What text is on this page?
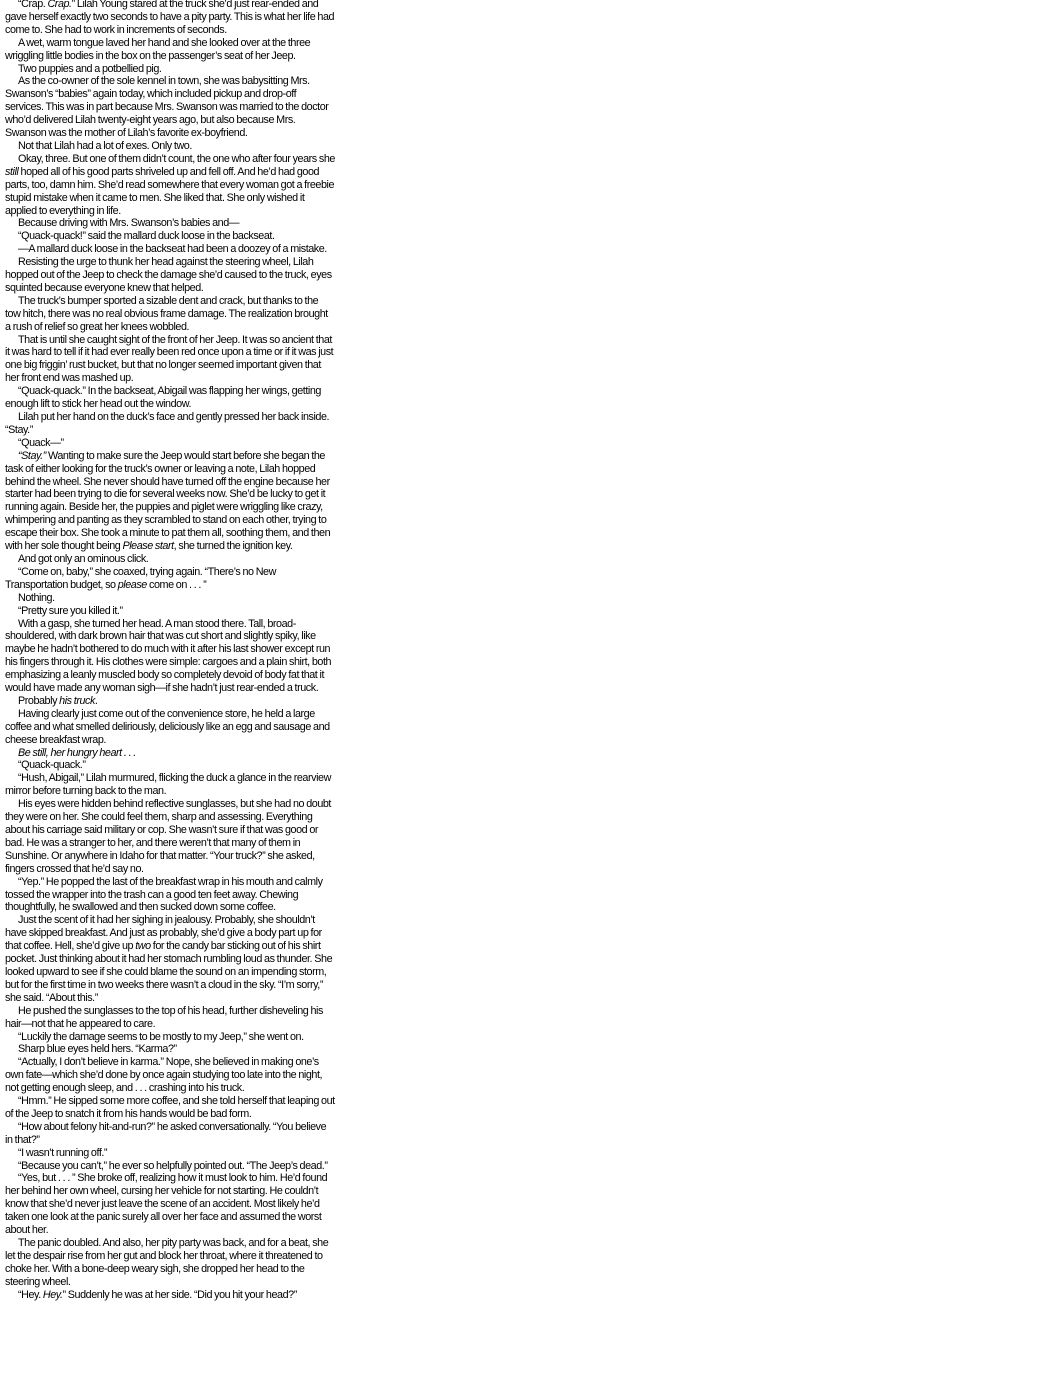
“Crap. Crap.” Lilah Young stared at the truck she’d just rear-ended and gave herself exactly two seconds to have a pity party. This is what her life had come to. She had to work in increments of seconds.

A wet, warm tongue laved her hand and she looked over at the three wriggling little bodies in the box on the passenger’s seat of her Jeep.

Two puppies and a potbellied pig.

As the co-owner of the sole kennel in town, she was babysitting Mrs. Swanson’s “babies” again today, which included pickup and drop-off services. This was in part because Mrs. Swanson was married to the doctor who’d delivered Lilah twenty-eight years ago, but also because Mrs. Swanson was the mother of Lilah’s favorite ex-boyfriend.

Not that Lilah had a lot of exes. Only two.

Okay, three. But one of them didn’t count, the one who after four years she still hoped all of his good parts shriveled up and fell off. And he’d had good parts, too, damn him. She’d read somewhere that every woman got a freebie stupid mistake when it came to men. She liked that. She only wished it applied to everything in life.

Because driving with Mrs. Swanson’s babies and—

“Quack-quack!” said the mallard duck loose in the backseat.

—A mallard duck loose in the backseat had been a doozey of a mistake.

Resisting the urge to thunk her head against the steering wheel, Lilah hopped out of the Jeep to check the damage she’d caused to the truck, eyes squinted because everyone knew that helped.

The truck’s bumper sported a sizable dent and crack, but thanks to the tow hitch, there was no real obvious frame damage. The realization brought a rush of relief so great her knees wobbled.

That is until she caught sight of the front of her Jeep. It was so ancient that it was hard to tell if it had ever really been red once upon a time or if it was just one big friggin’ rust bucket, but that no longer seemed important given that her front end was mashed up.

“Quack-quack.” In the backseat, Abigail was flapping her wings, getting enough lift to stick her head out the window.

Lilah put her hand on the duck’s face and gently pressed her back inside. “Stay.”

“Quack—”

“Stay.” Wanting to make sure the Jeep would start before she began the task of either looking for the truck’s owner or leaving a note, Lilah hopped behind the wheel. She never should have turned off the engine because her starter had been trying to die for several weeks now. She’d be lucky to get it running again. Beside her, the puppies and piglet were wriggling like crazy, whimpering and panting as they scrambled to stand on each other, trying to escape their box. She took a minute to pat them all, soothing them, and then with her sole thought being Please start, she turned the ignition key.

And got only an ominous click.

“Come on, baby,” she coaxed, trying again. “There’s no New Transportation budget, so please come on . . . ”

Nothing.

“Pretty sure you killed it.”

With a gasp, she turned her head. A man stood there. Tall, broad-shouldered, with dark brown hair that was cut short and slightly spiky, like maybe he hadn’t bothered to do much with it after his last shower except run his fingers through it. His clothes were simple: cargoes and a plain shirt, both emphasizing a leanly muscled body so completely devoid of body fat that it would have made any woman sigh—if she hadn’t just rear-ended a truck.

Probably his truck.

Having clearly just come out of the convenience store, he held a large coffee and what smelled deliriously, deliciously like an egg and sausage and cheese breakfast wrap.

Be still, her hungry heart . . .

“Quack-quack.”

“Hush, Abigail,” Lilah murmured, flicking the duck a glance in the rearview mirror before turning back to the man.

His eyes were hidden behind reflective sunglasses, but she had no doubt they were on her. She could feel them, sharp and assessing. Everything about his carriage said military or cop. She wasn’t sure if that was good or bad. He was a stranger to her, and there weren’t that many of them in Sunshine. Or anywhere in Idaho for that matter. “Your truck?” she asked, fingers crossed that he’d say no.

“Yep.” He popped the last of the breakfast wrap in his mouth and calmly tossed the wrapper into the trash can a good ten feet away. Chewing thoughtfully, he swallowed and then sucked down some coffee.

Just the scent of it had her sighing in jealousy. Probably, she shouldn’t have skipped breakfast. And just as probably, she’d give a body part up for that coffee. Hell, she’d give up two for the candy bar sticking out of his shirt pocket. Just thinking about it had her stomach rumbling loud as thunder. She looked upward to see if she could blame the sound on an impending storm, but for the first time in two weeks there wasn’t a cloud in the sky. “I’m sorry,” she said. “About this.”

He pushed the sunglasses to the top of his head, further disheveling his hair—not that he appeared to care.

“Luckily the damage seems to be mostly to my Jeep,” she went on.

Sharp blue eyes held hers. “Karma?”

“Actually, I don’t believe in karma.” Nope, she believed in making one’s own fate—which she’d done by once again studying too late into the night, not getting enough sleep, and . . . crashing into his truck.

“Hmm.” He sipped some more coffee, and she told herself that leaping out of the Jeep to snatch it from his hands would be bad form.

“How about felony hit-and-run?” he asked conversationally. “You believe in that?”

“I wasn’t running off.”

“Because you can’t,” he ever so helpfully pointed out. “The Jeep’s dead.”

“Yes, but . . . ” She broke off, realizing how it must look to him. He’d found her behind her own wheel, cursing her vehicle for not starting. He couldn’t know that she’d never just leave the scene of an accident. Most likely he’d taken one look at the panic surely all over her face and assumed the worst about her.

The panic doubled. And also, her pity party was back, and for a beat, she let the despair rise from her gut and block her throat, where it threatened to choke her. With a bone-deep weary sigh, she dropped her head to the steering wheel.

“Hey. Hey.” Suddenly he was at her side. “Did you hit your head?”
